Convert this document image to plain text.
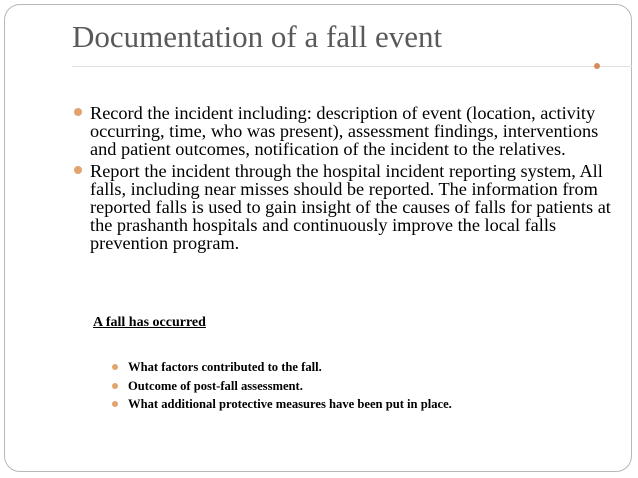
Documentation of a fall event
Record the incident including: description of event (location, activity occurring, time, who was present), assessment findings, interventions and patient outcomes, notification of the incident to the relatives.
Report the incident through the hospital incident reporting system, All falls, including near misses should be reported. The information from reported falls is used to gain insight of the causes of falls for patients at the prashanth hospitals and continuously improve the local falls prevention program.
A fall has occurred
What factors contributed to the fall.
Outcome of post-fall assessment.
What additional protective measures have been put in place.
